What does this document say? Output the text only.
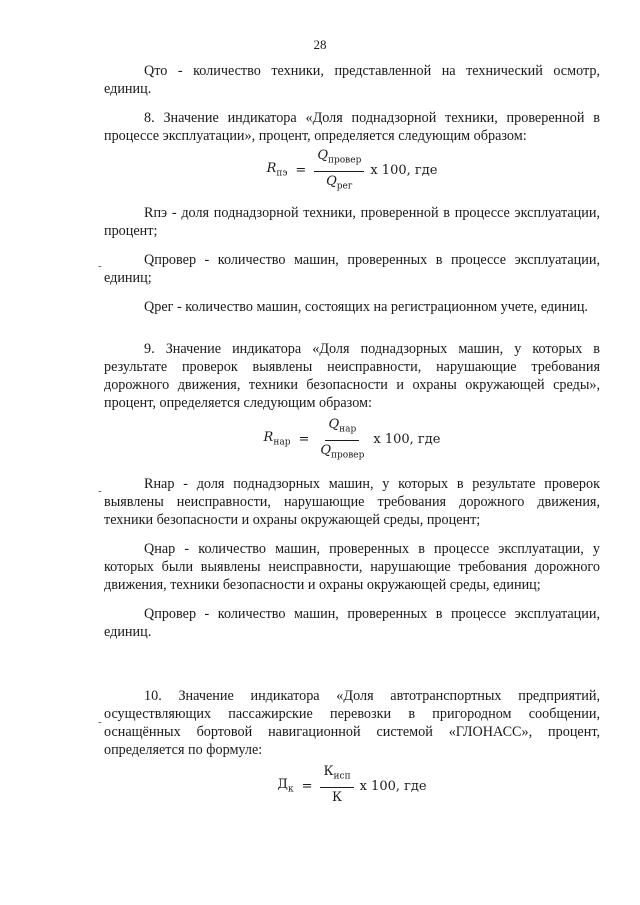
28
-
-
-

Qто - количество техники, представленной на технический осмотр, единиц.

8. Значение индикатора «Доля поднадзорной техники, проверенной в процессе эксплуатации», процент, определяется следующим образом:

$R_{пэ} = \frac{Q_{провер}}{Q_{рег}}$ x 100, где

Rпэ - доля поднадзорной техники, проверенной в процессе эксплуатации, процент;

Qпровер - количество машин, проверенных в процессе эксплуатации, единиц;

Qрег - количество машин, состоящих на регистрационном учете, единиц.

9. Значение индикатора «Доля поднадзорных машин, у которых в результате проверок выявлены неисправности, нарушающие требования дорожного движения, техники безопасности и охраны окружающей среды», процент, определяется следующим образом:

$R_{нар} = \frac{Q_{нар}}{Q_{провер}}$ x 100, где

Rнар - доля поднадзорных машин, у которых в результате проверок выявлены неисправности, нарушающие требования дорожного движения, техники безопасности и охраны окружающей среды, процент;

Qнар - количество машин, проверенных в процессе эксплуатации, у которых были выявлены неисправности, нарушающие требования дорожного движения, техники безопасности и охраны окружающей среды, единиц;

Qпровер - количество машин, проверенных в процессе эксплуатации, единиц.

10. Значение индикатора «Доля автотранспортных предприятий, осуществляющих пассажирские перевозки в пригородном сообщении, оснащённых бортовой навигационной системой «ГЛОНАСС», процент, определяется по формуле:

$Д_к = \frac{К_{исп}}{К}$ x 100, где
